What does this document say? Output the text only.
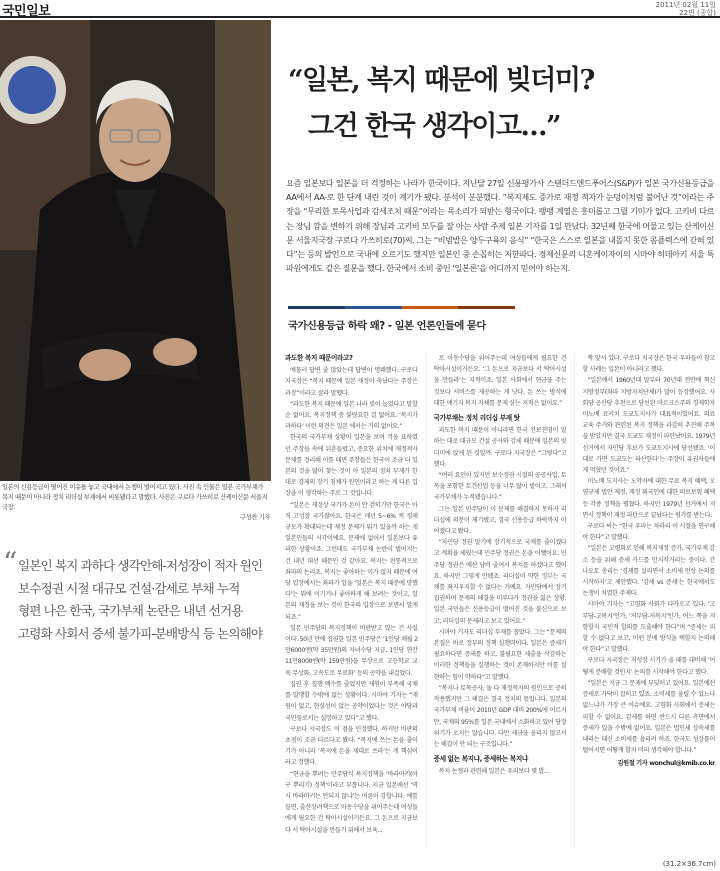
국민일보	2011년 02월 11일
22면 (종합)
일본의 신용등급이 떨어진 이유를 놓고 국내에서 논쟁이 벌어지고 있다. 사진 속 인물은 일본 국가부채가 복지 때문이 아니라 정치 리더십 부재에서 비롯됐다고 말했다. 사진은 구로다 가쓰히로 산케이신문 서울지국장.
구성찬 기자
“ 일본인 복지 과하다 생각안해-저성장이 적자 원인
보수정권 시절 대규모 건설·감세로 부채 누적
형편 나은 한국, 국가부채 논란은 내년 선거용
고령화 사회서 증세 불가피-분배방식 등 논의해야
“일본, 복지 때문에 빚더미?
그건 한국 생각이고…”

요즘 일본보다 일본을 더 걱정하는 나라가 한국이다. 지난달 27일 신용평가사 스탠더드앤드푸어스(S&P)가 일본 국가신용등급을 AA에서 AA-로 한 단계 내린 것이 계기가 됐다. 분석이 분분했다. “복지제도 증가로 재정 적자가 눈덩이처럼 불어난 것”이라는 주장을 “무리한 토목사업과 감세조치 때문”이라는 목소리가 되받는 형국이다. 팽팽 계열은 흥미롭고 그릴 기미가 없다. 고키비 다르는 장님 깜을 변하기 위해 장님과 고키비 모두를 잘 아는 사람 주제 일본 기자를 1일 만났다. 32년째 한국에 머물고 있는 산케이신문 서울지국장 구로다 가쓰히로(70)씨. 그는 “비빔밥은 양두구육의 음식” “한국은 스스로 일본을 내몰지 못한 콤플렉스에 갇혀 있다”는 등의 발언으로 국내에 오르기도 했지만 일본인 중 손꼽히는 지한파다. 경제신문의 니혼케이자이의 시마야 히데아키 서울 특파원에게도 같은 질문을 했다. 한국에서 소비 중인 ‘일본론’을 어디까지 믿어야 하는지.

국가신용등급 하락 왜? - 일본 언론인들에 묻다
과도한 복지 때문이라고?

예물러 답변 줄 않았는데 답변이 명쾌했다. 구로다 지국장은 “복지 때문에 일본 재정이 축났다는 주장은 과장”이라고 잘라 말했다.

“과도한 복지 때문에 일본 나라 빚이 늘었다고 말할 순 없어요. 복지정책 중 불량요한 걸 없어요. ‘복지가 과하다’ 이런 의견은 일본 에서는 거의 없어요.”

한국의 국가부채 상황이 일본을 보며 걱을 표하였던 주장들 속에 뒤흔들렸고, 중요한 위치에 재정적자 문제를 정리해 이를 테면 주장들은 한국이 조금 더 일본의 것을 많이 찾는 것이 아 일본의 정치 부재가 한 대로 경제의 장기 침체가 원인이라고 하는 게 다른 입장을 이 생각하는 주로 그 것입니다.

“일본은 재정상 국가가 돈이 안 걷히기만 한국은 아직 고성장 국가잖아요. 한국은 매년 5~6% 씩 경제 규모가 확대되는데 재정 문제가 뭐가 있을까 하는 게 일본인들의 시각이에요. 문제에 없어서 일본보다 유리한 상황이죠. 그런데도 국가부채 논란이 벌어지는 건 내년 대선 때문인 것 같아요. 복지는 전통적으로 좌파의 논리죠. 복지는 좋아하는 이가 없지 때문에 여당 입장에서는 좌파가 입을 ‘일본은 복지 때문에 망했다’는 뭐에 이기거나 좋아하게 해 보려는 것이고, 일본의 재정을 보는 것이 한국의 입장으로 보면서 알게 되죠.”

일본 민주당의 복지정책이 비판받고 있는 건 사실이다. 50년 만에 집권한 일본 민주당은 ‘1인당 매월 2만6000엔(약 35만원)의 자녀수당 지급, 1인당 연간 11만8000엔(약 159만원)을 무상으로 고등학교 교육 무상화, 고속도로 무료화’ 등의 공약을 내걸었다.

집권 후 집행 액수를 줄었지만 재원이 부족해 국채를 발행할 수밖에 없는 상황이다. 시마야 기자는 “재원이 없고, 현실성이 없는 공약이었다는 것은 야당과 국민들로서는 실망하고 있다”고 했다.

구로다 지국장도 이 점을 인정했다. 하지만 비판의 초점이 조금 다르다고 봤다. “복지에 쓰는 돈을 줄이기가 아니라 ‘복지에 돈을 제대로 쓰라’는 게 핵심이라고 정했다.

“현금을 뿌려는 민주당식 복지정책을 ‘바라마키(마구 뿌리기) 정책’이라고 부릅니다. 지금 일본에선 ‘역시 바라마키는 안되지 않냐’는 여론이 강합니다. 예를 들면, 출산장려책으로 아동수당을 위어주는데 여성들에게 필요한 건 탁아시설이거든요. 그 돈으로 지금보다 서 탁아시설을 만들기 위해서 보육...

로 아동수당을 위어주는데 여성들에게 필요한 건 탁아시설이거든요. ‘그 돈으로 지금보다 서 탁아시설을 만들라’는 지적이죠. 일본 사회에서 현금을 주는 것보다 서비스를 제공하는 게 낫다, 돈 쓰는 방식에 대한 얘기지 복지 자체를 문제 삼는 지적은 없어요.”

국가부채는 정치 리더십 부재 탓

과도한 복지 때문이 아니라면 한국 진보진영이 말하는 대로 대규모 건설 공사와 감세 때문에 일본의 빚더미에 앉게 된 것일까. 구로다 지국장은 “그렇다”고 했다.

“여러 요인이 있지만 보수정권 시절의 공공사업, 토목을 포함한 토건산업 등을 너무 많이 벌이고, 그래서 국가부채가 누적됐습니다.”

그는 일본 민주당이 이 문제를 해결하지 못하자 리더십에 의문이 제기됐고, 결국 신용등급 하락까지 이어졌다고 봤다.

“자민당 정권 말기에 장기적으로 국채를 줄이겠다고 계획을 세웠는데 민주당 정권은 돈을 어쨌어요. 민주당 정권은 예산 남비 줄여서 복지를 하겠다고 했어요. 하지만 그렇게 안됐죠. 리더십이 약한 정부는 국채를 좌지우지할 수 없다는 거예요. 자민당에서 장기 집권하며 문제의 해결을 미루다가 정권을 잃은 상황. 일본 국민들은 신용등급이 떨어진 것을 불신으로 보고, 리더십의 문제라고 보고 있어요.”

시마야 기자도 리더십 부재를 꼽았다. 그는 “문제의 본질은 바로 정부의 정책 실행력이다. 일본은 증세가 필요하다면 증세를 하고, 불필요한 세출을 삭감하는 이러한 정책들을 실행하는 것이 존재하지만 이를 실현하는 힘이 약하다”고 말했다.

“복지나 토목공사, 둘 다 재정적자의 원인으로 공히 작용했지만 그 해결은 결국 정치의 몫입니다. 일본의 국가부채 비율이 2010년 GDP 대비 200%에 이르지만, 국채의 95%를 일본 국내에서 소화하고 있어 당장 위기가 오지는 않습니다. 다만 세금을 올리지 않고서는 해결이 안 되는 구조입니다.”

증세 없는 복지냐, 증세하는 복지냐

복지 논쟁과 관련해 일본은 우리보다 몇 발...

짝 앞서 있다. 구로다 지국장은 한국 우파들이 참고할 사례는 일본이 아니라고 했다.

“일본에서 1960년대 말부터 70년대 전반에 혁신지방정부(좌파 지방자치단체)가 많이 등장했어요. 사회당 공산당 추천으로 당선된 마르크스주의 경제학자 미노베 료키치 도쿄도지사가 대표적이었어요. 의료 교육 주거와 관련된 복지 정책을 과감히 추진해 주목을 받았지만 결국 도쿄도 재정이 파탄났어요. 1979년 선거에서 자민당 후보가 도쿄도지사에 당선됐죠. ‘이대로 가면 도쿄도는 파산한다’는 주장이 유권자들에게 먹혔던 것이죠.”

미노베 도지사는 노약자에 대한 무료 복지 혜택, 오염규제 법안 제정, 재정 외국인에 대한 의료보험 혜택 등 각종 정책을 펼쳤다. 하지만 1979년 선거에서 지면서 정책이 재정 파탄으로 끝났다는 평가를 받는다.

구로다 씨는 “한국 우파는 차라리 이 시절을 연구해야 한다”고 말했다.

“일본은 고령화로 인해 복지재정 증가, 국가부채 감소 등을 위해 증세 카드를 만지작거리는 중이다. 간 나오토 총리는 ‘경제를 살리면서 소비세 인상 논의를 시작하자’고 제안했다. ‘감세 vs 증세’는 한국에서도 논쟁이 치열한 주제다.

시마야 기자는 “고령화 사회가 다가오고 있다. ‘고부담-고복지’인가, ‘저부담-저복지’인가, 어느 쪽을 지향할지 국민적 합의를 도출해야 한다”며 “증세는 피할 수 없다고 보고, 어떤 분배 방식을 택할지 논의해야 한다”고 말했다.

구로다 지국장은 저성장 시기가 올 때를 대비해 ‘어떻게 분배할 것인지’ 논의를 시작해야 한다고 했다.

“일본은 지금 그 문제에 부딪히고 있어요. 일본에선 증세로 가닥이 잡히고 있죠. 소비세를 올릴 수 있느냐 없느냐가 가장 큰 이슈예요. 고령화 사회에서 증세는 피할 수 없어요. 감세를 하면 반드시 다른 측면에서 증세가 있을 수밖에 없어요. 일본은 법인세 상속세를 내리는 대신 소비세를 올리려 하죠. 한국도 성장률이 떨어지면 어떻게 할지 미리 생각해야 합니다.”

김원철 기자 wonchul@kmib.co.kr
(31.2×36.7cm)
